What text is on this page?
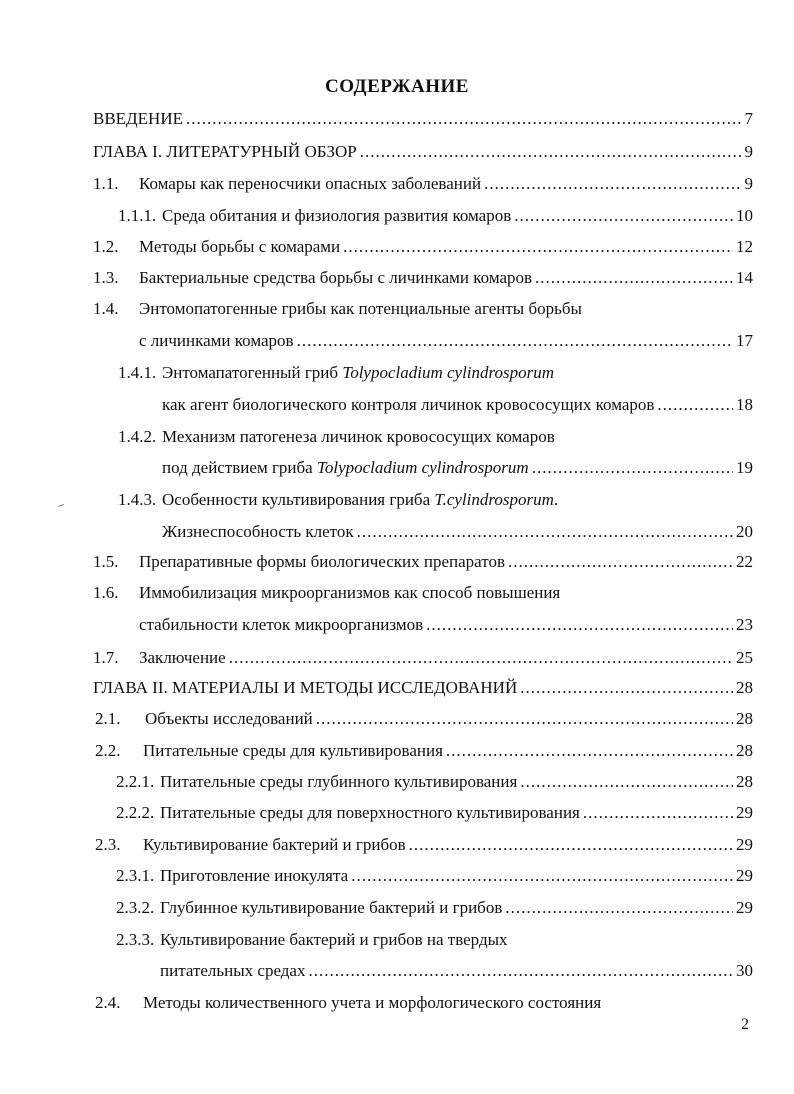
СОДЕРЖАНИЕ
ВВЕДЕНИЕ .....	7
ГЛАВА I. ЛИТЕРАТУРНЫЙ ОБЗОР .....	9
1.1.	Комары как переносчики опасных заболеваний .....	9
1.1.1. Среда обитания и физиология развития комаров .....	10
1.2.	Методы борьбы с комарами .....	12
1.3.	Бактериальные средства борьбы с личинками комаров .....	14
1.4. Энтомопатогенные грибы как потенциальные агенты борьбы
с личинками комаров .....	17
1.4.1. Энтомапатогенный гриб Tolypocladium cylindrosporum
как агент биологического контроля личинок кровососущих комаров .....	18
1.4.2. Механизм патогенеза личинок кровососущих комаров
под действием гриба Tolypocladium cylindrosporum .....	19
1.4.3. Особенности культивирования гриба T.cylindrosporum.
Жизнеспособность клеток .....	20
1.5.	Препаративные формы биологических препаратов .....	22
1.6. Иммобилизация микроорганизмов как способ повышения
стабильности клеток микроорганизмов .....	23
1.7.	Заключение .....	25
ГЛАВА II. МАТЕРИАЛЫ И МЕТОДЫ ИССЛЕДОВАНИЙ .....	28
2.1.	Объекты исследований .....	28
2.2.	Питательные среды для культивирования .....	28
2.2.1. Питательные среды глубинного культивирования .....	28
2.2.2. Питательные среды для поверхностного культивирования .....	29
2.3.	Культивирование бактерий и грибов .....	29
2.3.1. Приготовление инокулята .....	29
2.3.2. Глубинное культивирование бактерий и грибов .....	29
2.3.3. Культивирование бактерий и грибов на твердых
питательных средах .....	30
2.4. Методы количественного учета и морфологического состояния
2
